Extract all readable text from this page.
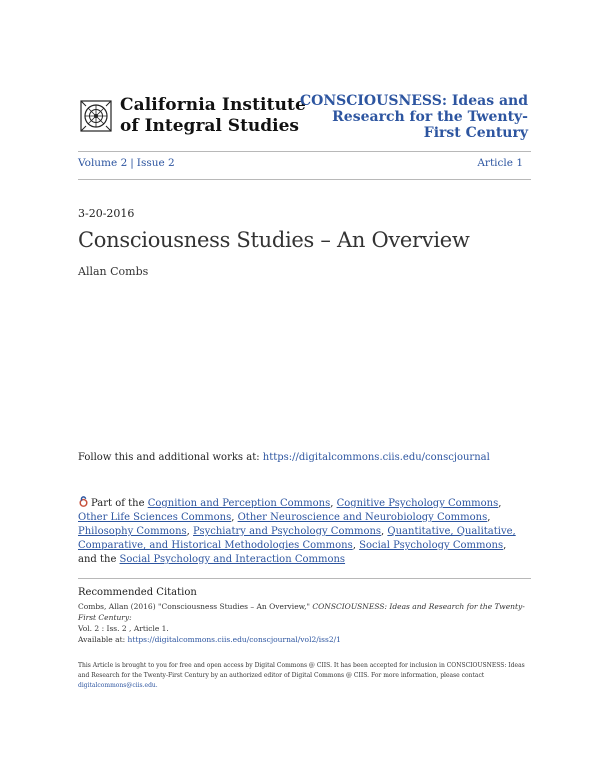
California Institute
of Integral Studies
CONSCIOUSNESS: Ideas and Research for the Twenty-First Century
Volume 2 | Issue 2	Article 1
3-20-2016
Consciousness Studies – An Overview
Allan Combs
Follow this and additional works at: https://digitalcommons.ciis.edu/conscjournal
Part of the Cognition and Perception Commons, Cognitive Psychology Commons, Other Life Sciences Commons, Other Neuroscience and Neurobiology Commons, Philosophy Commons, Psychiatry and Psychology Commons, Quantitative, Qualitative, Comparative, and Historical Methodologies Commons, Social Psychology Commons, and the Social Psychology and Interaction Commons
Recommended Citation
Combs, Allan (2016) "Consciousness Studies – An Overview," CONSCIOUSNESS: Ideas and Research for the Twenty-First Century:
Vol. 2 : Iss. 2 , Article 1.
Available at: https://digitalcommons.ciis.edu/conscjournal/vol2/iss2/1
This Article is brought to you for free and open access by Digital Commons @ CIIS. It has been accepted for inclusion in CONSCIOUSNESS: Ideas and Research for the Twenty-First Century by an authorized editor of Digital Commons @ CIIS. For more information, please contact
digitalcommons@ciis.edu.
